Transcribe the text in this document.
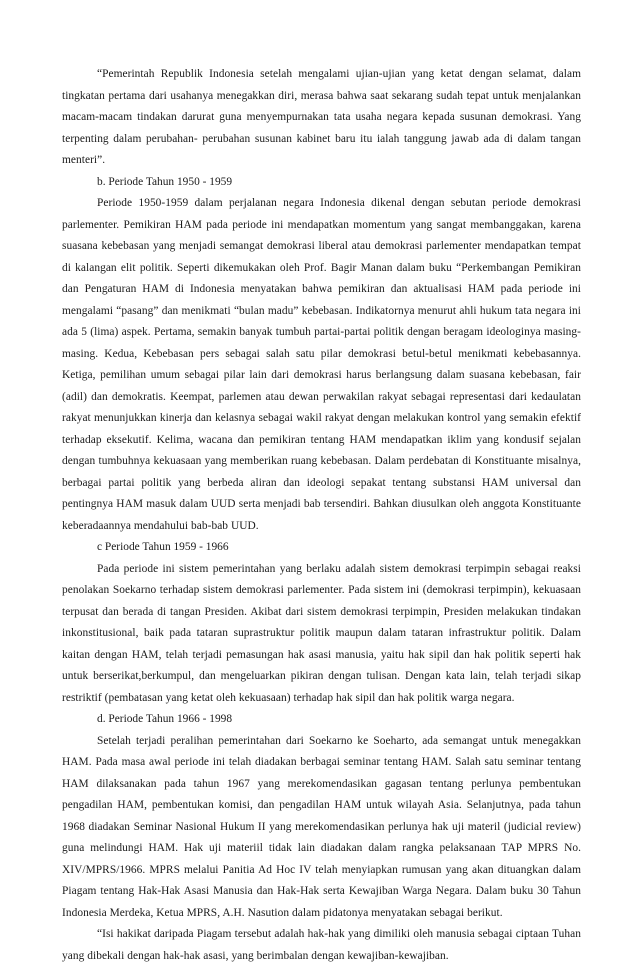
“Pemerintah Republik Indonesia setelah mengalami ujian-ujian yang ketat dengan selamat, dalam tingkatan pertama dari usahanya menegakkan diri, merasa bahwa saat sekarang sudah tepat untuk menjalankan macam-macam tindakan darurat guna menyempurnakan tata usaha negara kepada susunan demokrasi. Yang terpenting dalam perubahan- perubahan susunan kabinet baru itu ialah tanggung jawab ada di dalam tangan menteri”.

b. Periode Tahun 1950 - 1959

Periode 1950-1959 dalam perjalanan negara Indonesia dikenal dengan sebutan periode demokrasi parlementer. Pemikiran HAM pada periode ini mendapatkan momentum yang sangat membanggakan, karena suasana kebebasan yang menjadi semangat demokrasi liberal atau demokrasi parlementer mendapatkan tempat di kalangan elit politik. Seperti dikemukakan oleh Prof. Bagir Manan dalam buku “Perkembangan Pemikiran dan Pengaturan HAM di Indonesia menyatakan bahwa pemikiran dan aktualisasi HAM pada periode ini mengalami “pasang” dan menikmati “bulan madu” kebebasan. Indikatornya menurut ahli hukum tata negara ini ada 5 (lima) aspek. Pertama, semakin banyak tumbuh partai-partai politik dengan beragam ideologinya masing-masing. Kedua, Kebebasan pers sebagai salah satu pilar demokrasi betul-betul menikmati kebebasannya. Ketiga, pemilihan umum sebagai pilar lain dari demokrasi harus berlangsung dalam suasana kebebasan, fair (adil) dan demokratis. Keempat, parlemen atau dewan perwakilan rakyat sebagai representasi dari kedaulatan rakyat menunjukkan kinerja dan kelasnya sebagai wakil rakyat dengan melakukan kontrol yang semakin efektif terhadap eksekutif. Kelima, wacana dan pemikiran tentang HAM mendapatkan iklim yang kondusif sejalan dengan tumbuhnya kekuasaan yang memberikan ruang kebebasan. Dalam perdebatan di Konstituante misalnya, berbagai partai politik yang berbeda aliran dan ideologi sepakat tentang substansi HAM universal dan pentingnya HAM masuk dalam UUD serta menjadi bab tersendiri. Bahkan diusulkan oleh anggota Konstituante keberadaannya mendahului bab-bab UUD.

c Periode Tahun 1959 - 1966

Pada periode ini sistem pemerintahan yang berlaku adalah sistem demokrasi terpimpin sebagai reaksi penolakan Soekarno terhadap sistem demokrasi parlementer. Pada sistem ini (demokrasi terpimpin), kekuasaan terpusat dan berada di tangan Presiden. Akibat dari sistem demokrasi terpimpin, Presiden melakukan tindakan inkonstitusional, baik pada tataran suprastruktur politik maupun dalam tataran infrastruktur politik. Dalam kaitan dengan HAM, telah terjadi pemasungan hak asasi manusia, yaitu hak sipil dan hak politik seperti hak untuk berserikat,berkumpul, dan mengeluarkan pikiran dengan tulisan. Dengan kata lain, telah terjadi sikap restriktif (pembatasan yang ketat oleh kekuasaan) terhadap hak sipil dan hak politik warga negara.

d. Periode Tahun 1966 - 1998

Setelah terjadi peralihan pemerintahan dari Soekarno ke Soeharto, ada semangat untuk menegakkan HAM. Pada masa awal periode ini telah diadakan berbagai seminar tentang HAM. Salah satu seminar tentang HAM dilaksanakan pada tahun 1967 yang merekomendasikan gagasan tentang perlunya pembentukan pengadilan HAM, pembentukan komisi, dan pengadilan HAM untuk wilayah Asia. Selanjutnya, pada tahun 1968 diadakan Seminar Nasional Hukum II yang merekomendasikan perlunya hak uji materil (judicial review) guna melindungi HAM. Hak uji materiil tidak lain diadakan dalam rangka pelaksanaan TAP MPRS No. XIV/MPRS/1966. MPRS melalui Panitia Ad Hoc IV telah menyiapkan rumusan yang akan dituangkan dalam Piagam tentang Hak-Hak Asasi Manusia dan Hak-Hak serta Kewajiban Warga Negara. Dalam buku 30 Tahun Indonesia Merdeka, Ketua MPRS, A.H. Nasution dalam pidatonya menyatakan sebagai berikut.

“Isi hakikat daripada Piagam tersebut adalah hak-hak yang dimiliki oleh manusia sebagai ciptaan Tuhan yang dibekali dengan hak-hak asasi, yang berimbalan dengan kewajiban-kewajiban.
